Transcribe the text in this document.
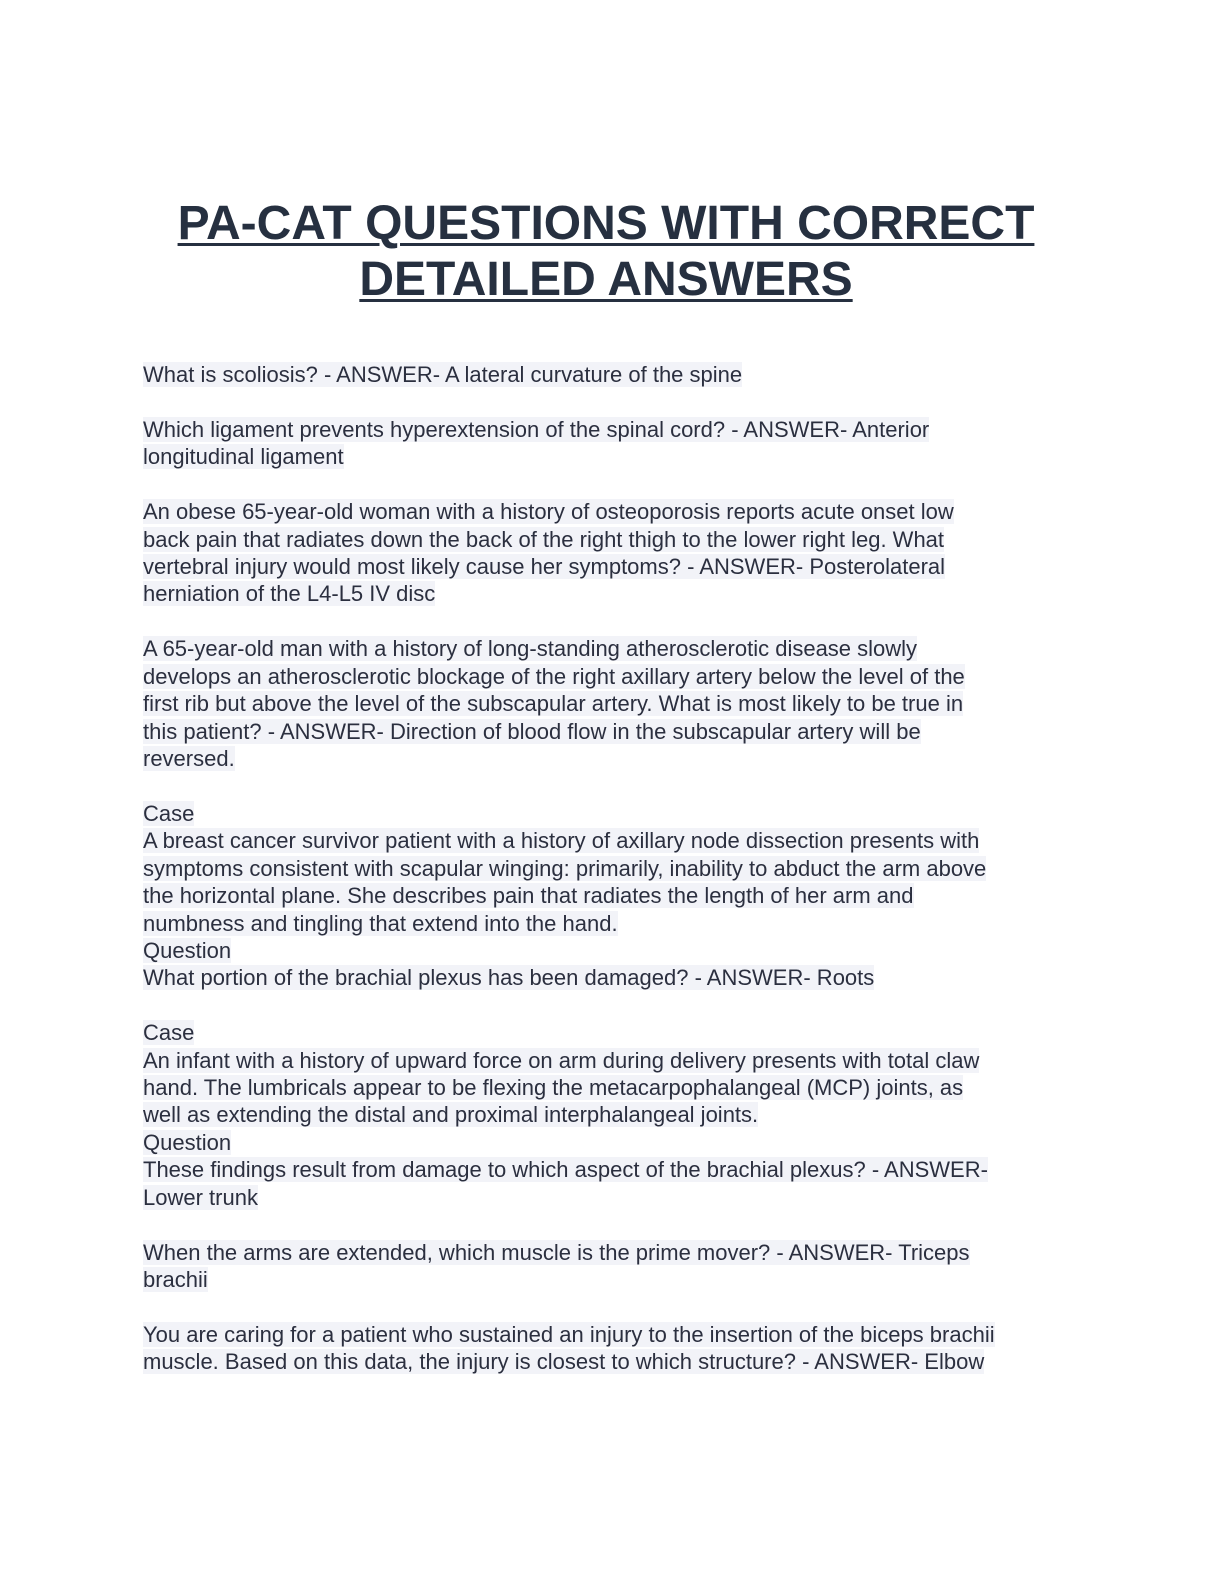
PA-CAT QUESTIONS WITH CORRECT
DETAILED ANSWERS
What is scoliosis? - ANSWER- A lateral curvature of the spine
Which ligament prevents hyperextension of the spinal cord? - ANSWER- Anterior
longitudinal ligament
An obese 65-year-old woman with a history of osteoporosis reports acute onset low
back pain that radiates down the back of the right thigh to the lower right leg. What
vertebral injury would most likely cause her symptoms? - ANSWER- Posterolateral
herniation of the L4-L5 IV disc
A 65-year-old man with a history of long-standing atherosclerotic disease slowly
develops an atherosclerotic blockage of the right axillary artery below the level of the
first rib but above the level of the subscapular artery. What is most likely to be true in
this patient? - ANSWER- Direction of blood flow in the subscapular artery will be
reversed.
Case
A breast cancer survivor patient with a history of axillary node dissection presents with
symptoms consistent with scapular winging: primarily, inability to abduct the arm above
the horizontal plane. She describes pain that radiates the length of her arm and
numbness and tingling that extend into the hand.
Question
What portion of the brachial plexus has been damaged? - ANSWER- Roots
Case
An infant with a history of upward force on arm during delivery presents with total claw
hand. The lumbricals appear to be flexing the metacarpophalangeal (MCP) joints, as
well as extending the distal and proximal interphalangeal joints.
Question
These findings result from damage to which aspect of the brachial plexus? - ANSWER-
Lower trunk
When the arms are extended, which muscle is the prime mover? - ANSWER- Triceps
brachii
You are caring for a patient who sustained an injury to the insertion of the biceps brachii
muscle. Based on this data, the injury is closest to which structure? - ANSWER- Elbow
